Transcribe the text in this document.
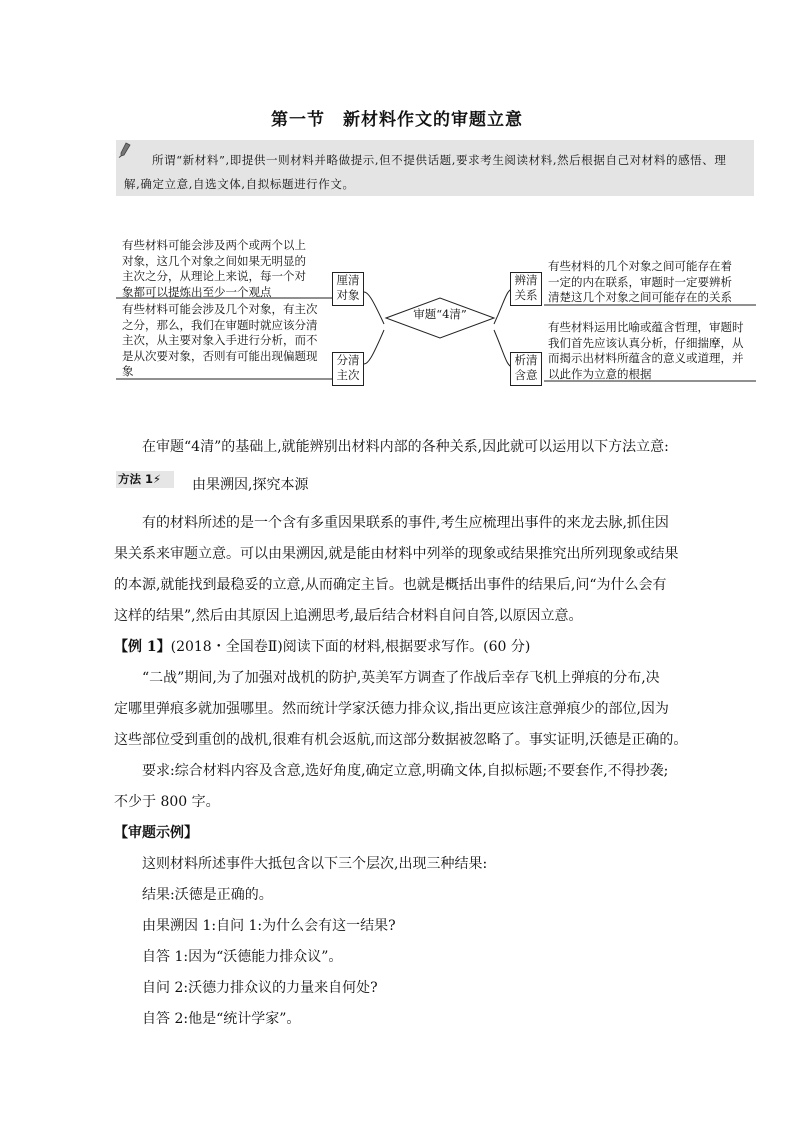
第一节　新材料作文的审题立意
所谓“新材料”,即提供一则材料并略做提示,但不提供话题,要求考生阅读材料,然后根据自己对材料的感悟、理
解,确定立意,自选文体,自拟标题进行作文。
审题“4清”
厘清对象
分清主次
辨清关系
析清含意
有些材料可能会涉及两个或两个以上
对象，这几个对象之间如果无明显的
主次之分，从理论上来说，每一个对
象都可以提炼出至少一个观点
有些材料可能会涉及几个对象，有主次
之分，那么，我们在审题时就应该分清
主次，从主要对象入手进行分析，而不
是从次要对象，否则有可能出现偏题现
象
有些材料的几个对象之间可能存在着
一定的内在联系，审题时一定要辨析
清楚这几个对象之间可能存在的关系
有些材料运用比喻或蕴含哲理，审题时
我们首先应该认真分析，仔细揣摩，从
而揭示出材料所蕴含的意义或道理，并
以此作为立意的根据
在审题“4清”的基础上,就能辨别出材料内部的各种关系,因此就可以运用以下方法立意:
方法 1⚡	由果溯因,探究本源
有的材料所述的是一个含有多重因果联系的事件,考生应梳理出事件的来龙去脉,抓住因
果关系来审题立意。可以由果溯因,就是能由材料中列举的现象或结果推究出所列现象或结果
的本源,就能找到最稳妥的立意,从而确定主旨。也就是概括出事件的结果后,问“为什么会有
这样的结果”,然后由其原因上追溯思考,最后结合材料自问自答,以原因立意。
【例 1】(2018・全国卷Ⅱ)阅读下面的材料,根据要求写作。(60 分)
“二战”期间,为了加强对战机的防护,英美军方调查了作战后幸存飞机上弹痕的分布,决
定哪里弹痕多就加强哪里。然而统计学家沃德力排众议,指出更应该注意弹痕少的部位,因为
这些部位受到重创的战机,很难有机会返航,而这部分数据被忽略了。事实证明,沃德是正确的。
要求:综合材料内容及含意,选好角度,确定立意,明确文体,自拟标题;不要套作,不得抄袭;
不少于 800 字。
【审题示例】
这则材料所述事件大抵包含以下三个层次,出现三种结果:
结果:沃德是正确的。
由果溯因 1:自问 1:为什么会有这一结果?
自答 1:因为“沃德能力排众议”。
自问 2:沃德力排众议的力量来自何处?
自答 2:他是“统计学家”。
